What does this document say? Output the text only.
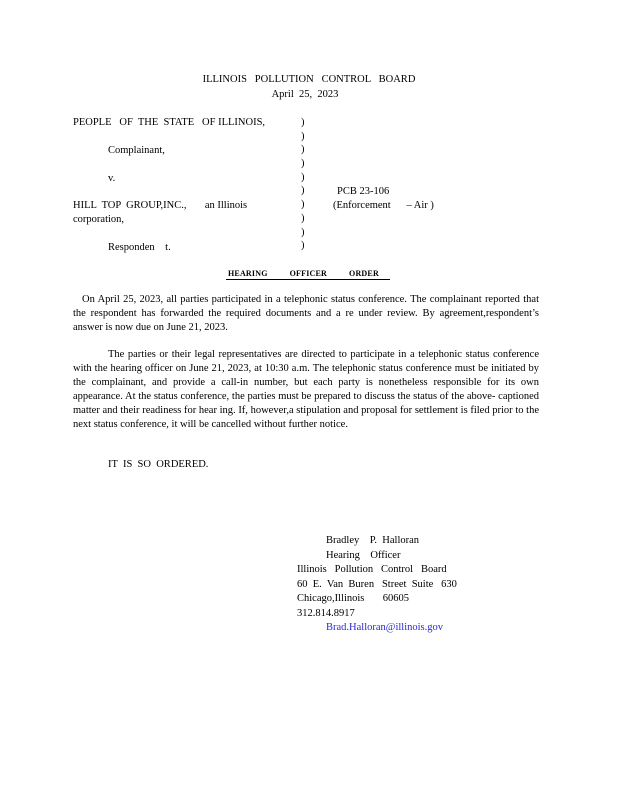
ILLINOIS   POLLUTION   CONTROL   BOARD
April  25,  2023
PEOPLE   OF  THE  STATE   OF ILLINOIS,
Complainant,
v.
HILL  TOP  GROUP,INC.,       an Illinois
corporation,
Responden    t.
)
)
)
)
)
)
)
)
)
)
PCB 23-106
(Enforcement      – Air )
HEARING          OFFICER          ORDER
On April 25, 2023, all parties participated in a telephonic status conference. The complainant reported that the respondent has forwarded the required documents and a re under review. By agreement,respondent’s answer is now due on June 21, 2023.
The parties or their legal representatives are directed to participate in a telephonic status conference with the hearing officer on June 21, 2023, at 10:30 a.m. The telephonic status conference must be initiated by the complainant, and provide a call-in number, but each party is nonetheless responsible for its own appearance. At the status conference, the parties must be prepared to discuss the status of the above- captioned matter and their readiness for hear ing. If, however,a stipulation and proposal for settlement is filed prior to the next status conference, it will be cancelled without further notice.
IT  IS  SO  ORDERED.
Bradley    P.  Halloran
Hearing    Officer
Illinois   Pollution   Control   Board
60  E.  Van  Buren   Street  Suite   630
Chicago,Illinois       60605
312.814.8917
Brad.Halloran@illinois.gov
